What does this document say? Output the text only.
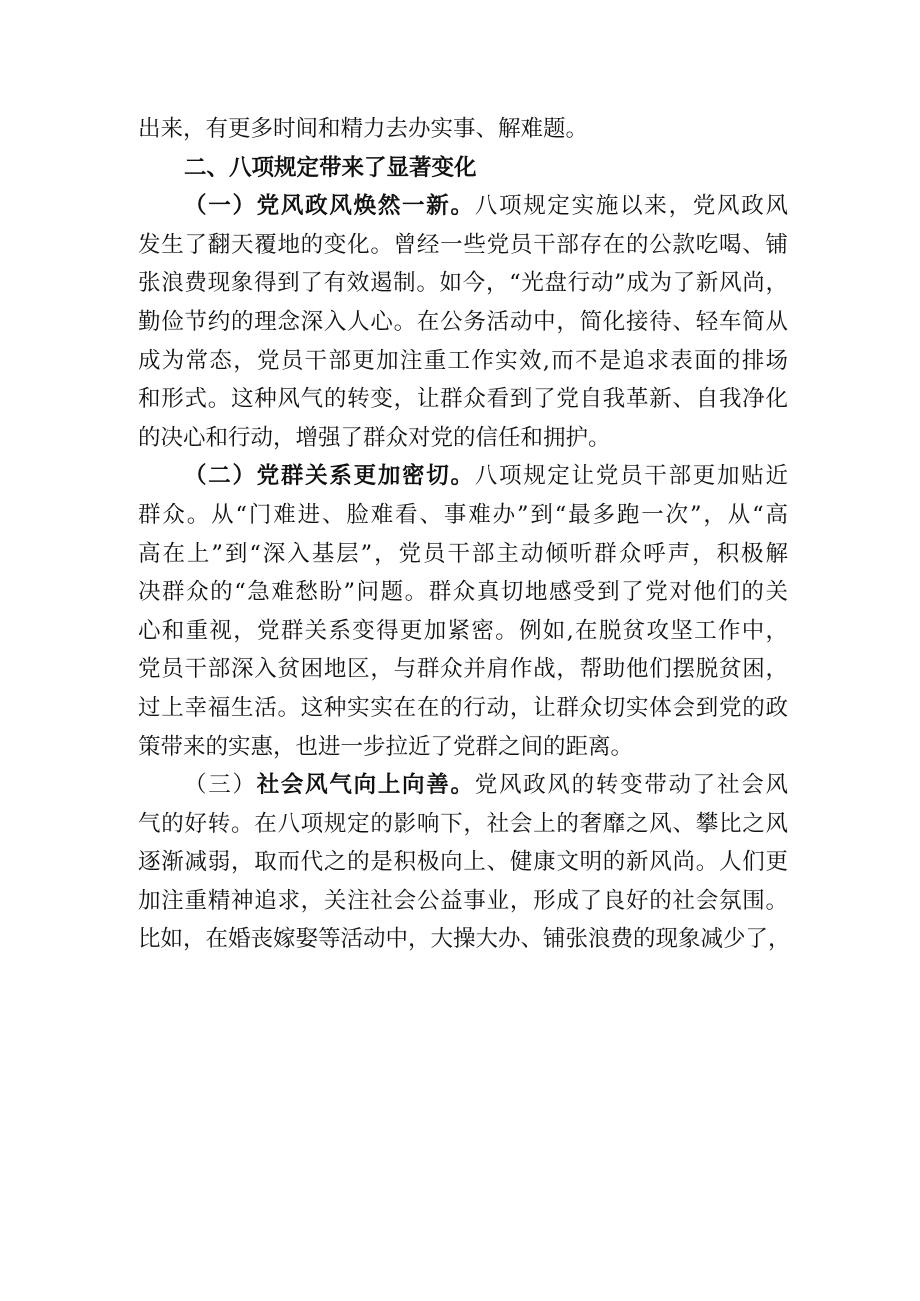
出来，有更多时间和精力去办实事、解难题。
二、八项规定带来了显著变化
（一）党风政风焕然一新。八项规定实施以来，党风政风
发生了翻天覆地的变化。曾经一些党员干部存在的公款吃喝、铺
张浪费现象得到了有效遏制。如今，“光盘行动”成为了新风尚，
勤俭节约的理念深入人心。在公务活动中，简化接待、轻车简从
成为常态，党员干部更加注重工作实效,而不是追求表面的排场
和形式。这种风气的转变，让群众看到了党自我革新、自我净化
的决心和行动，增强了群众对党的信任和拥护。
（二）党群关系更加密切。八项规定让党员干部更加贴近
群众。从“门难进、脸难看、事难办”到“最多跑一次”，从“高
高在上”到“深入基层”，党员干部主动倾听群众呼声，积极解
决群众的“急难愁盼”问题。群众真切地感受到了党对他们的关
心和重视，党群关系变得更加紧密。例如,在脱贫攻坚工作中，
党员干部深入贫困地区，与群众并肩作战，帮助他们摆脱贫困，
过上幸福生活。这种实实在在的行动，让群众切实体会到党的政
策带来的实惠，也进一步拉近了党群之间的距离。
（三）社会风气向上向善。党风政风的转变带动了社会风
气的好转。在八项规定的影响下，社会上的奢靡之风、攀比之风
逐渐减弱，取而代之的是积极向上、健康文明的新风尚。人们更
加注重精神追求，关注社会公益事业，形成了良好的社会氛围。
比如，在婚丧嫁娶等活动中，大操大办、铺张浪费的现象减少了，
